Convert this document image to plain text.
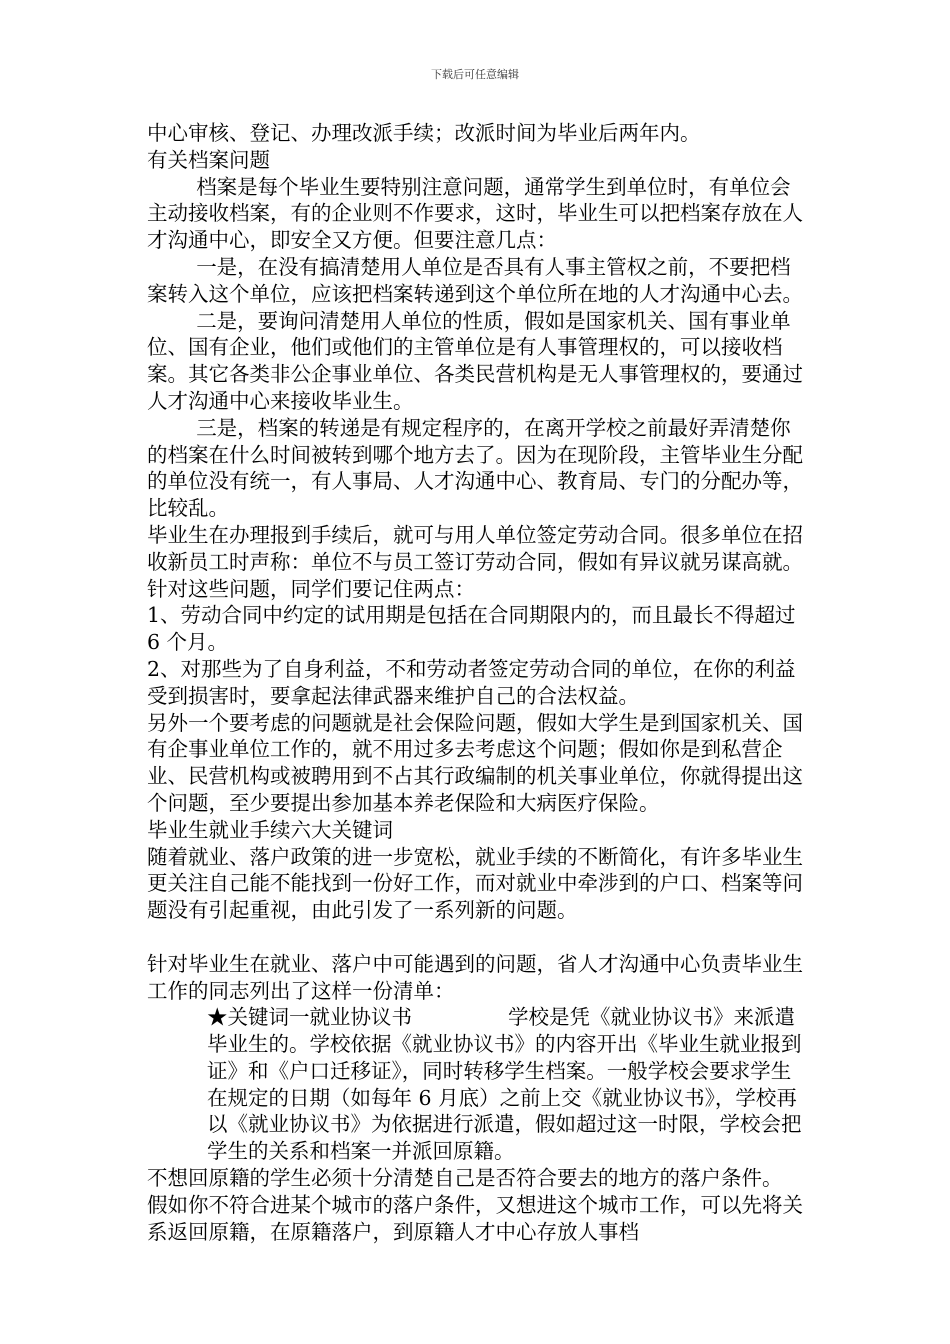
下载后可任意编辑

中心审核、登记、办理改派手续；改派时间为毕业后两年内。

有关档案问题

档案是每个毕业生要特别注意问题，通常学生到单位时，有单位会主动接收档案，有的企业则不作要求，这时，毕业生可以把档案存放在人才沟通中心，即安全又方便。但要注意几点：

一是，在没有搞清楚用人单位是否具有人事主管权之前，不要把档案转入这个单位，应该把档案转递到这个单位所在地的人才沟通中心去。

二是，要询问清楚用人单位的性质，假如是国家机关、国有事业单位、国有企业，他们或他们的主管单位是有人事管理权的，可以接收档案。其它各类非公企事业单位、各类民营机构是无人事管理权的，要通过人才沟通中心来接收毕业生。

三是，档案的转递是有规定程序的，在离开学校之前最好弄清楚你的档案在什么时间被转到哪个地方去了。因为在现阶段，主管毕业生分配的单位没有统一，有人事局、人才沟通中心、教育局、专门的分配办等，比较乱。

毕业生在办理报到手续后，就可与用人单位签定劳动合同。很多单位在招收新员工时声称：单位不与员工签订劳动合同，假如有异议就另谋高就。针对这些问题，同学们要记住两点：

1、劳动合同中约定的试用期是包括在合同期限内的，而且最长不得超过 6 个月。

2、对那些为了自身利益，不和劳动者签定劳动合同的单位，在你的利益受到损害时，要拿起法律武器来维护自己的合法权益。

另外一个要考虑的问题就是社会保险问题，假如大学生是到国家机关、国有企事业单位工作的，就不用过多去考虑这个问题；假如你是到私营企业、民营机构或被聘用到不占其行政编制的机关事业单位，你就得提出这个问题，至少要提出参加基本养老保险和大病医疗保险。

毕业生就业手续六大关键词

随着就业、落户政策的进一步宽松，就业手续的不断简化，有许多毕业生更关注自己能不能找到一份好工作，而对就业中牵涉到的户口、档案等问题没有引起重视，由此引发了一系列新的问题。

针对毕业生在就业、落户中可能遇到的问题，省人才沟通中心负责毕业生工作的同志列出了这样一份清单：

★关键词一就业协议书	学校是凭《就业协议书》来派遣毕业生的。学校依据《就业协议书》的内容开出《毕业生就业报到证》和《户口迁移证》，同时转移学生档案。一般学校会要求学生在规定的日期（如每年 6 月底）之前上交《就业协议书》，学校再以《就业协议书》为依据进行派遣，假如超过这一时限，学校会把学生的关系和档案一并派回原籍。

不想回原籍的学生必须十分清楚自己是否符合要去的地方的落户条件。 假如你不符合进某个城市的落户条件，又想进这个城市工作，可以先将关系返回原籍，在原籍落户，到原籍人才中心存放人事档
